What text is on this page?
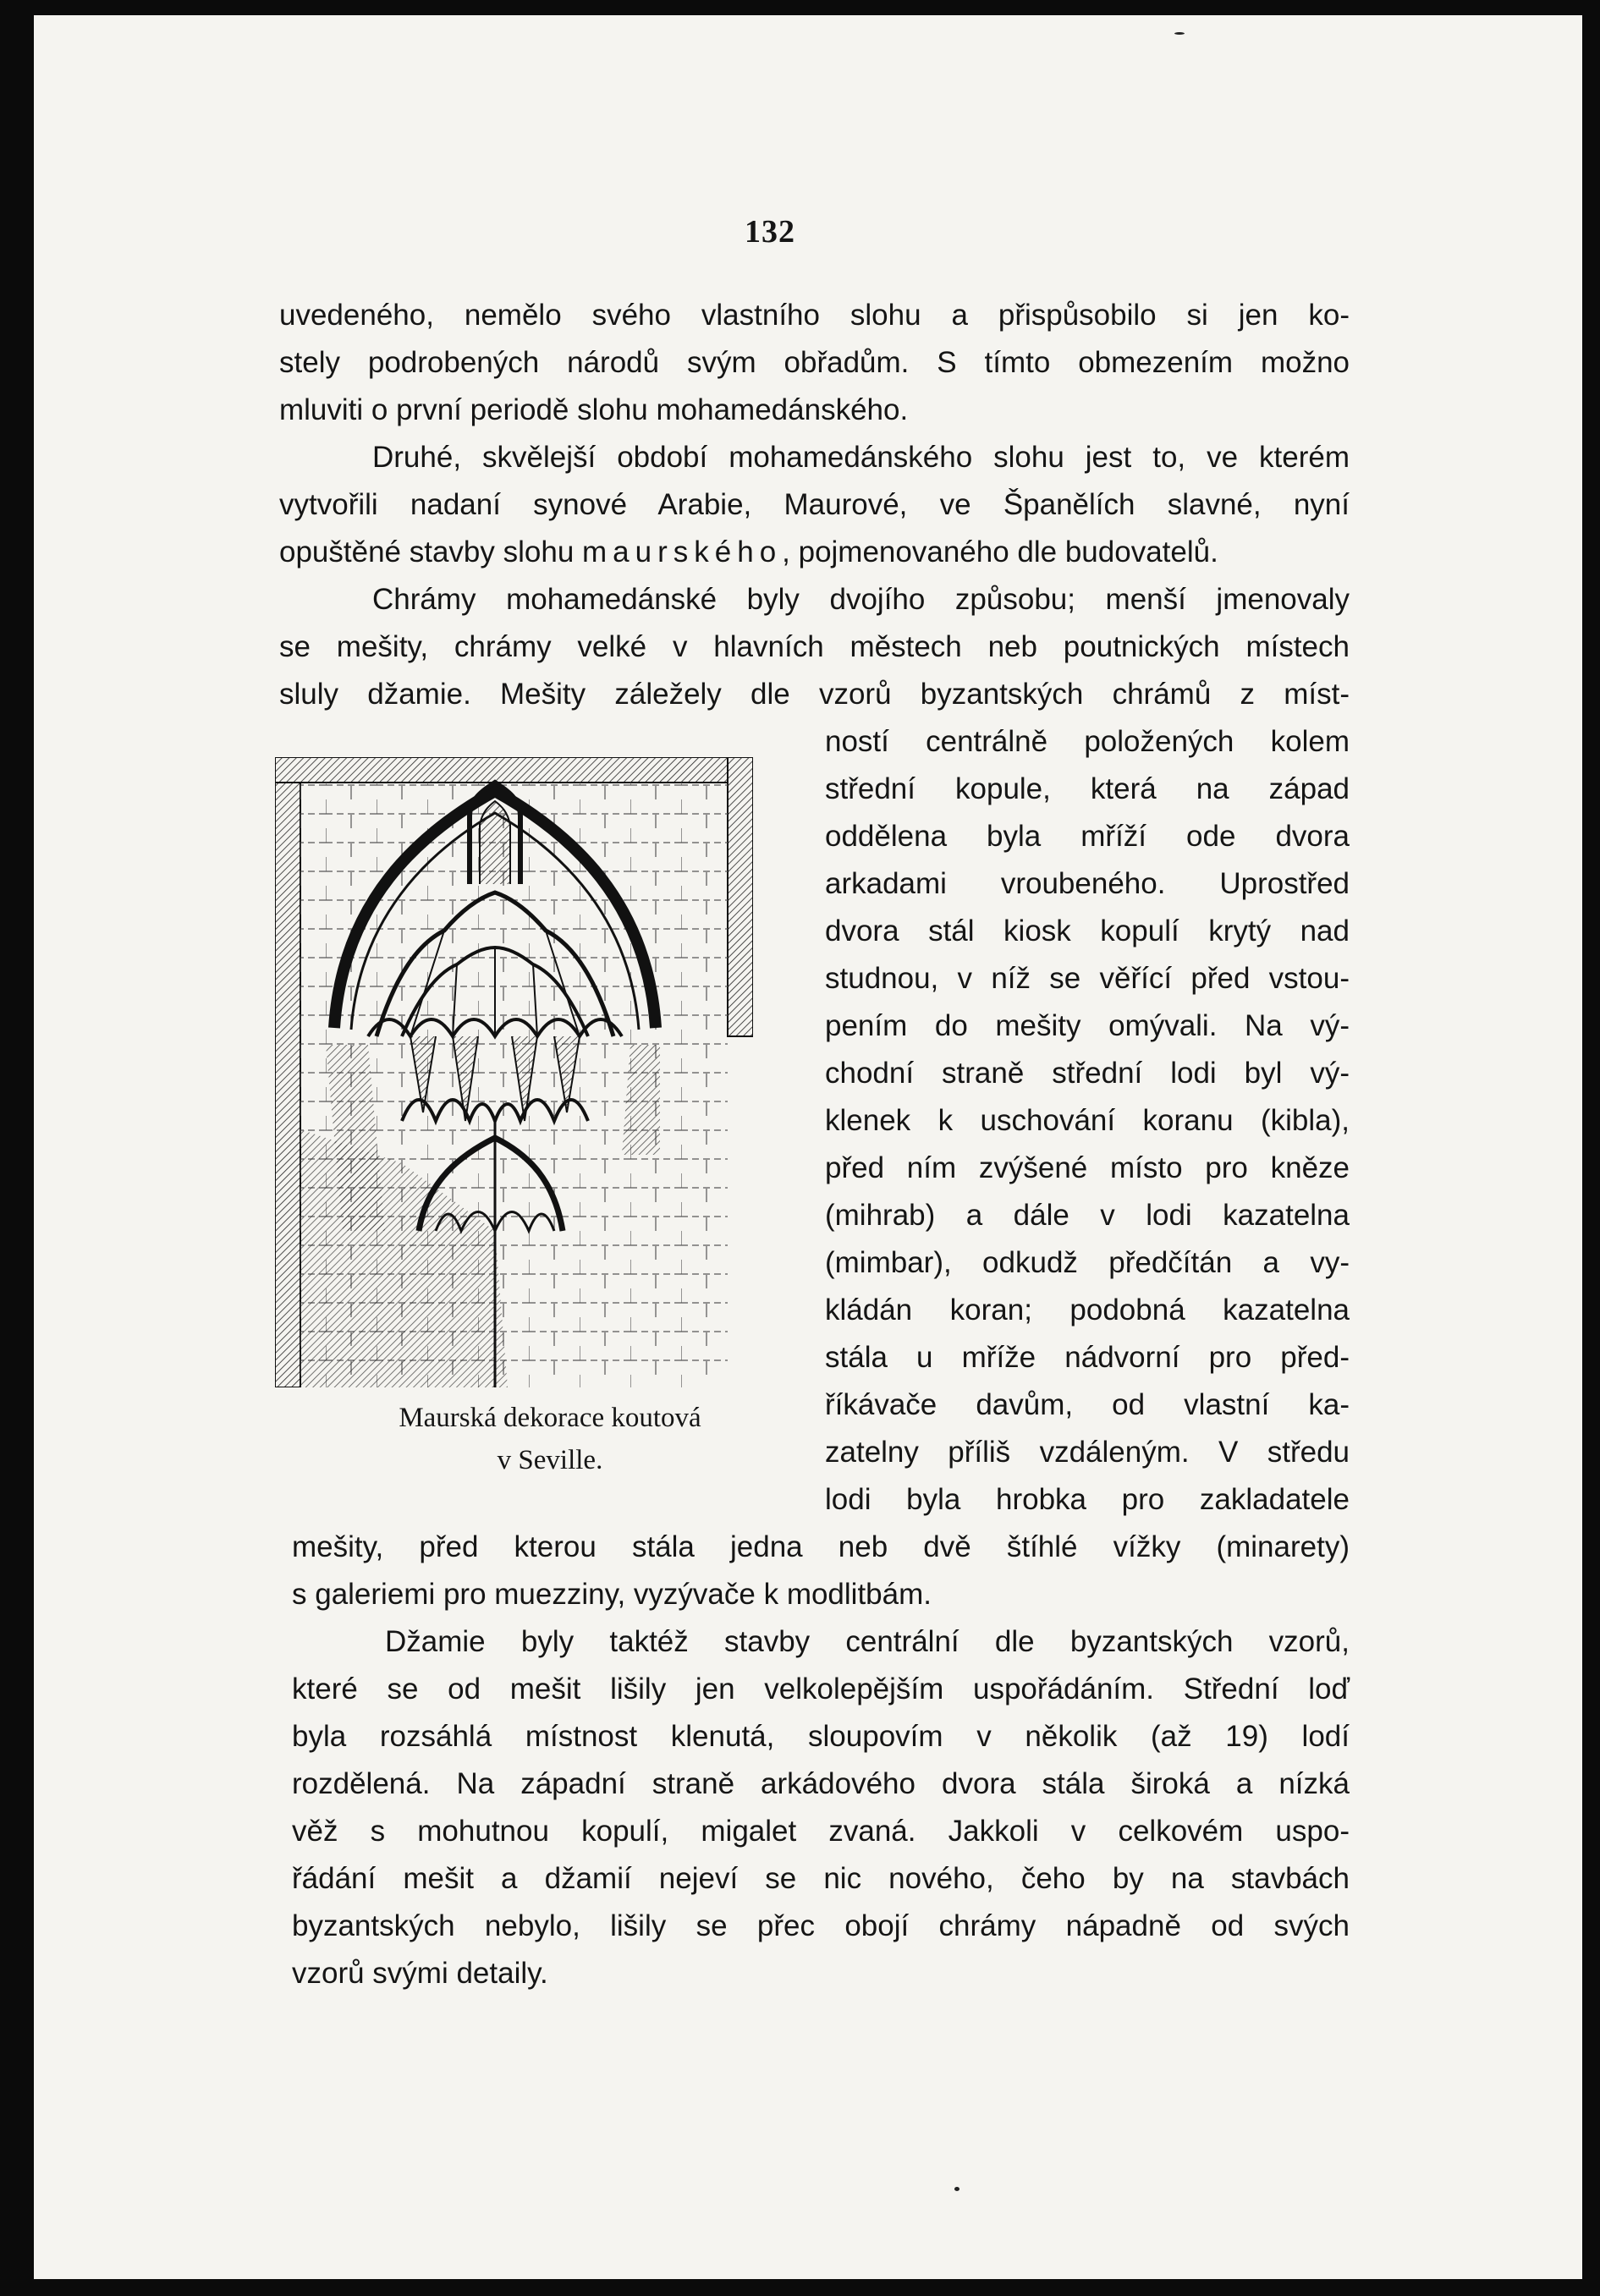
132
uvedeného, nemělo svého vlastního slohu a přispůsobilo si jen ko-
stely podrobených národů svým obřadům. S tímto obmezením možno
mluviti o první periodě slohu mohamedánského.
Druhé, skvělejší období mohamedánského slohu jest to, ve kterém
vytvořili nadaní synové Arabie, Maurové, ve Španělích slavné, nyní
opuštěné stavby slohu maurského, pojmenovaného dle budovatelů.
Chrámy mohamedánské byly dvojího způsobu; menší jmenovaly
se mešity, chrámy velké v hlavních městech neb poutnických místech
sluly džamie. Mešity záležely dle vzorů byzantských chrámů z míst-
ností centrálně položených kolem
střední kopule, která na západ
oddělena byla mříží ode dvora
arkadami vroubeného. Uprostřed
dvora stál kiosk kopulí krytý nad
studnou, v níž se věřící před vstou-
pením do mešity omývali. Na vý-
chodní straně střední lodi byl vý-
klenek k uschování koranu (kibla),
před ním zvýšené místo pro kněze
(mihrab) a dále v lodi kazatelna
(mimbar), odkudž předčítán a vy-
kládán koran; podobná kazatelna
stála u mříže nádvorní pro před-
říkávače davům, od vlastní ka-
zatelny příliš vzdáleným. V středu
lodi byla hrobka pro zakladatele
mešity, před kterou stála jedna neb dvě štíhlé vížky (minarety)
s galeriemi pro muezziny, vyzývače k modlitbám.
Džamie byly taktéž stavby centrální dle byzantských vzorů,
které se od mešit lišily jen velkolepějším uspořádáním. Střední loď
byla rozsáhlá místnost klenutá, sloupovím v několik (až 19) lodí
rozdělená. Na západní straně arkádového dvora stála široká a nízká
věž s mohutnou kopulí, migalet zvaná. Jakkoli v celkovém uspo-
řádání mešit a džamií nejeví se nic nového, čeho by na stavbách
byzantských nebylo, lišily se přec obojí chrámy nápadně od svých
vzorů svými detaily.
Maurská dekorace koutová
v Seville.
